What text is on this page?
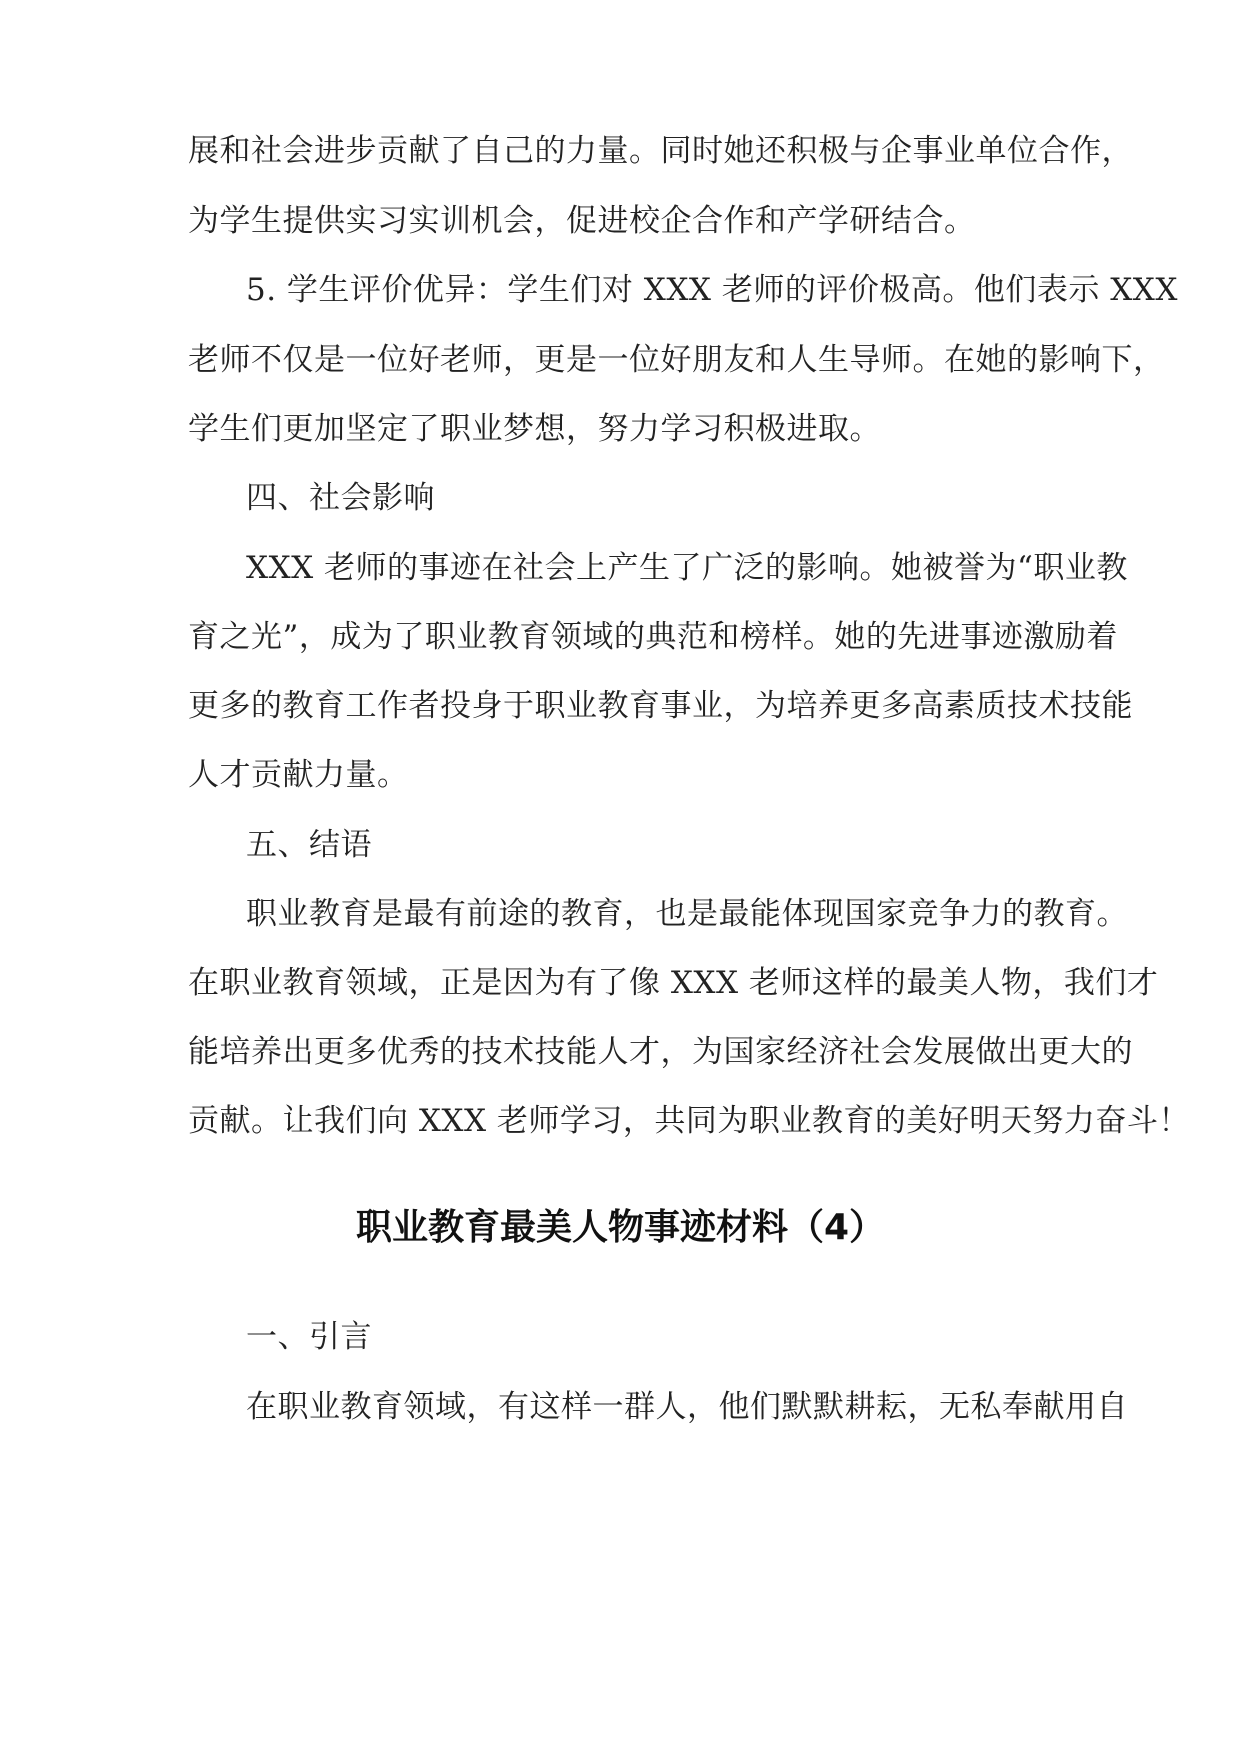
展和社会进步贡献了自己的力量。同时她还积极与企事业单位合作，
为学生提供实习实训机会，促进校企合作和产学研结合。
5. 学生评价优异：学生们对 XXX 老师的评价极高。他们表示 XXX
老师不仅是一位好老师，更是一位好朋友和人生导师。在她的影响下，
学生们更加坚定了职业梦想，努力学习积极进取。
四、社会影响
XXX 老师的事迹在社会上产生了广泛的影响。她被誉为“职业教
育之光”，成为了职业教育领域的典范和榜样。她的先进事迹激励着
更多的教育工作者投身于职业教育事业，为培养更多高素质技术技能
人才贡献力量。
五、结语
职业教育是最有前途的教育，也是最能体现国家竞争力的教育。
在职业教育领域，正是因为有了像 XXX 老师这样的最美人物，我们才
能培养出更多优秀的技术技能人才，为国家经济社会发展做出更大的
贡献。让我们向 XXX 老师学习，共同为职业教育的美好明天努力奋斗！
职业教育最美人物事迹材料（4）
一、引言
在职业教育领域，有这样一群人，他们默默耕耘，无私奉献用自
